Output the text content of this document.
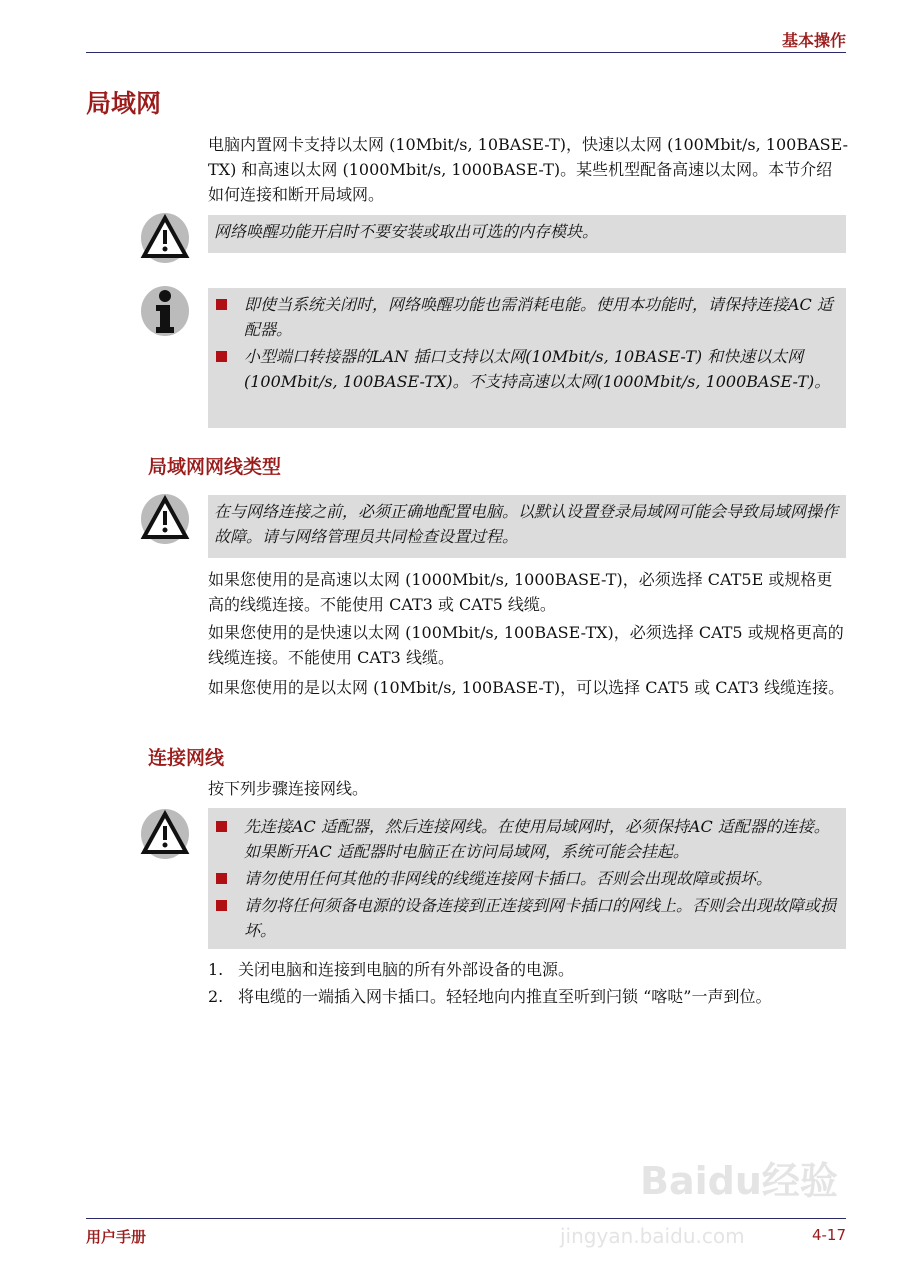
基本操作
局域网
电脑内置网卡支持以太网 (10Mbit/s, 10BASE-T)，快速以太网 (100Mbit/s, 100BASE-TX) 和高速以太网 (1000Mbit/s, 1000BASE-T)。某些机型配备高速以太网。本节介绍如何连接和断开局域网。
网络唤醒功能开启时不要安装或取出可选的内存模块。
即使当系统关闭时，网络唤醒功能也需消耗电能。使用本功能时，请保持连接AC 适配器。
小型端口转接器的LAN 插口支持以太网(10Mbit/s, 10BASE-T) 和快速以太网(100Mbit/s, 100BASE-TX)。不支持高速以太网(1000Mbit/s, 1000BASE-T)。
局域网网线类型
在与网络连接之前，必须正确地配置电脑。以默认设置登录局域网可能会导致局域网操作故障。请与网络管理员共同检查设置过程。
如果您使用的是高速以太网 (1000Mbit/s, 1000BASE-T)，必须选择 CAT5E 或规格更高的线缆连接。不能使用 CAT3 或 CAT5 线缆。
如果您使用的是快速以太网 (100Mbit/s, 100BASE-TX)，必须选择 CAT5 或规格更高的线缆连接。不能使用 CAT3 线缆。
如果您使用的是以太网 (10Mbit/s, 100BASE-T)，可以选择 CAT5 或 CAT3 线缆连接。
连接网线
按下列步骤连接网线。
先连接AC 适配器，然后连接网线。在使用局域网时，必须保持AC 适配器的连接。如果断开AC 适配器时电脑正在访问局域网，系统可能会挂起。
请勿使用任何其他的非网线的线缆连接网卡插口。否则会出现故障或损坏。
请勿将任何须备电源的设备连接到正连接到网卡插口的网线上。否则会出现故障或损坏。
1. 关闭电脑和连接到电脑的所有外部设备的电源。
2. 将电缆的一端插入网卡插口。轻轻地向内推直至听到闩锁 “喀哒”一声到位。
Baidu经验
jingyan.baidu.com
用户手册	4-17
